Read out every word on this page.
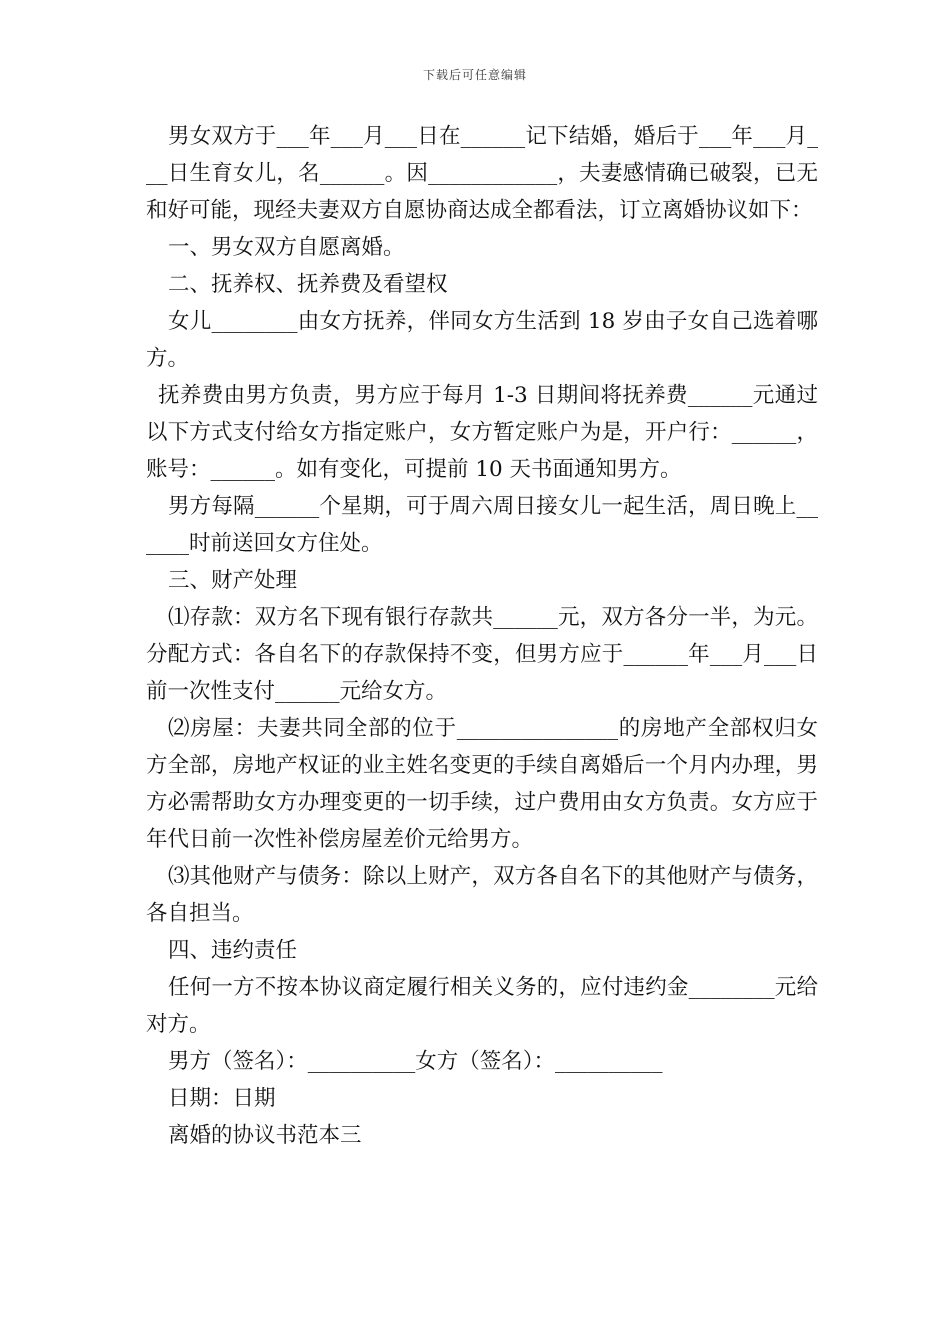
下载后可任意编辑

男女双方于___年___月___日在______记下结婚，婚后于___年___月___日生育女儿，名______。因____________，夫妻感情确已破裂，已无和好可能，现经夫妻双方自愿协商达成全都看法，订立离婚协议如下：

一、男女双方自愿离婚。

二、抚养权、抚养费及看望权

女儿________由女方抚养，伴同女方生活到 18 岁由子女自己选着哪方。

抚养费由男方负责，男方应于每月 1-3 日期间将抚养费______元通过以下方式支付给女方指定账户，女方暂定账户为是，开户行：______，账号：______。如有变化，可提前 10 天书面通知男方。

男方每隔______个星期，可于周六周日接女儿一起生活，周日晚上______时前送回女方住处。

三、财产处理

⑴存款：双方名下现有银行存款共______元，双方各分一半，为元。分配方式：各自名下的存款保持不变，但男方应于______年___月___日前一次性支付______元给女方。

⑵房屋：夫妻共同全部的位于_______________的房地产全部权归女方全部，房地产权证的业主姓名变更的手续自离婚后一个月内办理，男方必需帮助女方办理变更的一切手续，过户费用由女方负责。女方应于年代日前一次性补偿房屋差价元给男方。

⑶其他财产与债务：除以上财产，双方各自名下的其他财产与债务，各自担当。

四、违约责任

任何一方不按本协议商定履行相关义务的，应付违约金________元给对方。

男方（签名）：__________女方（签名）：__________

日期：日期

离婚的协议书范本三
